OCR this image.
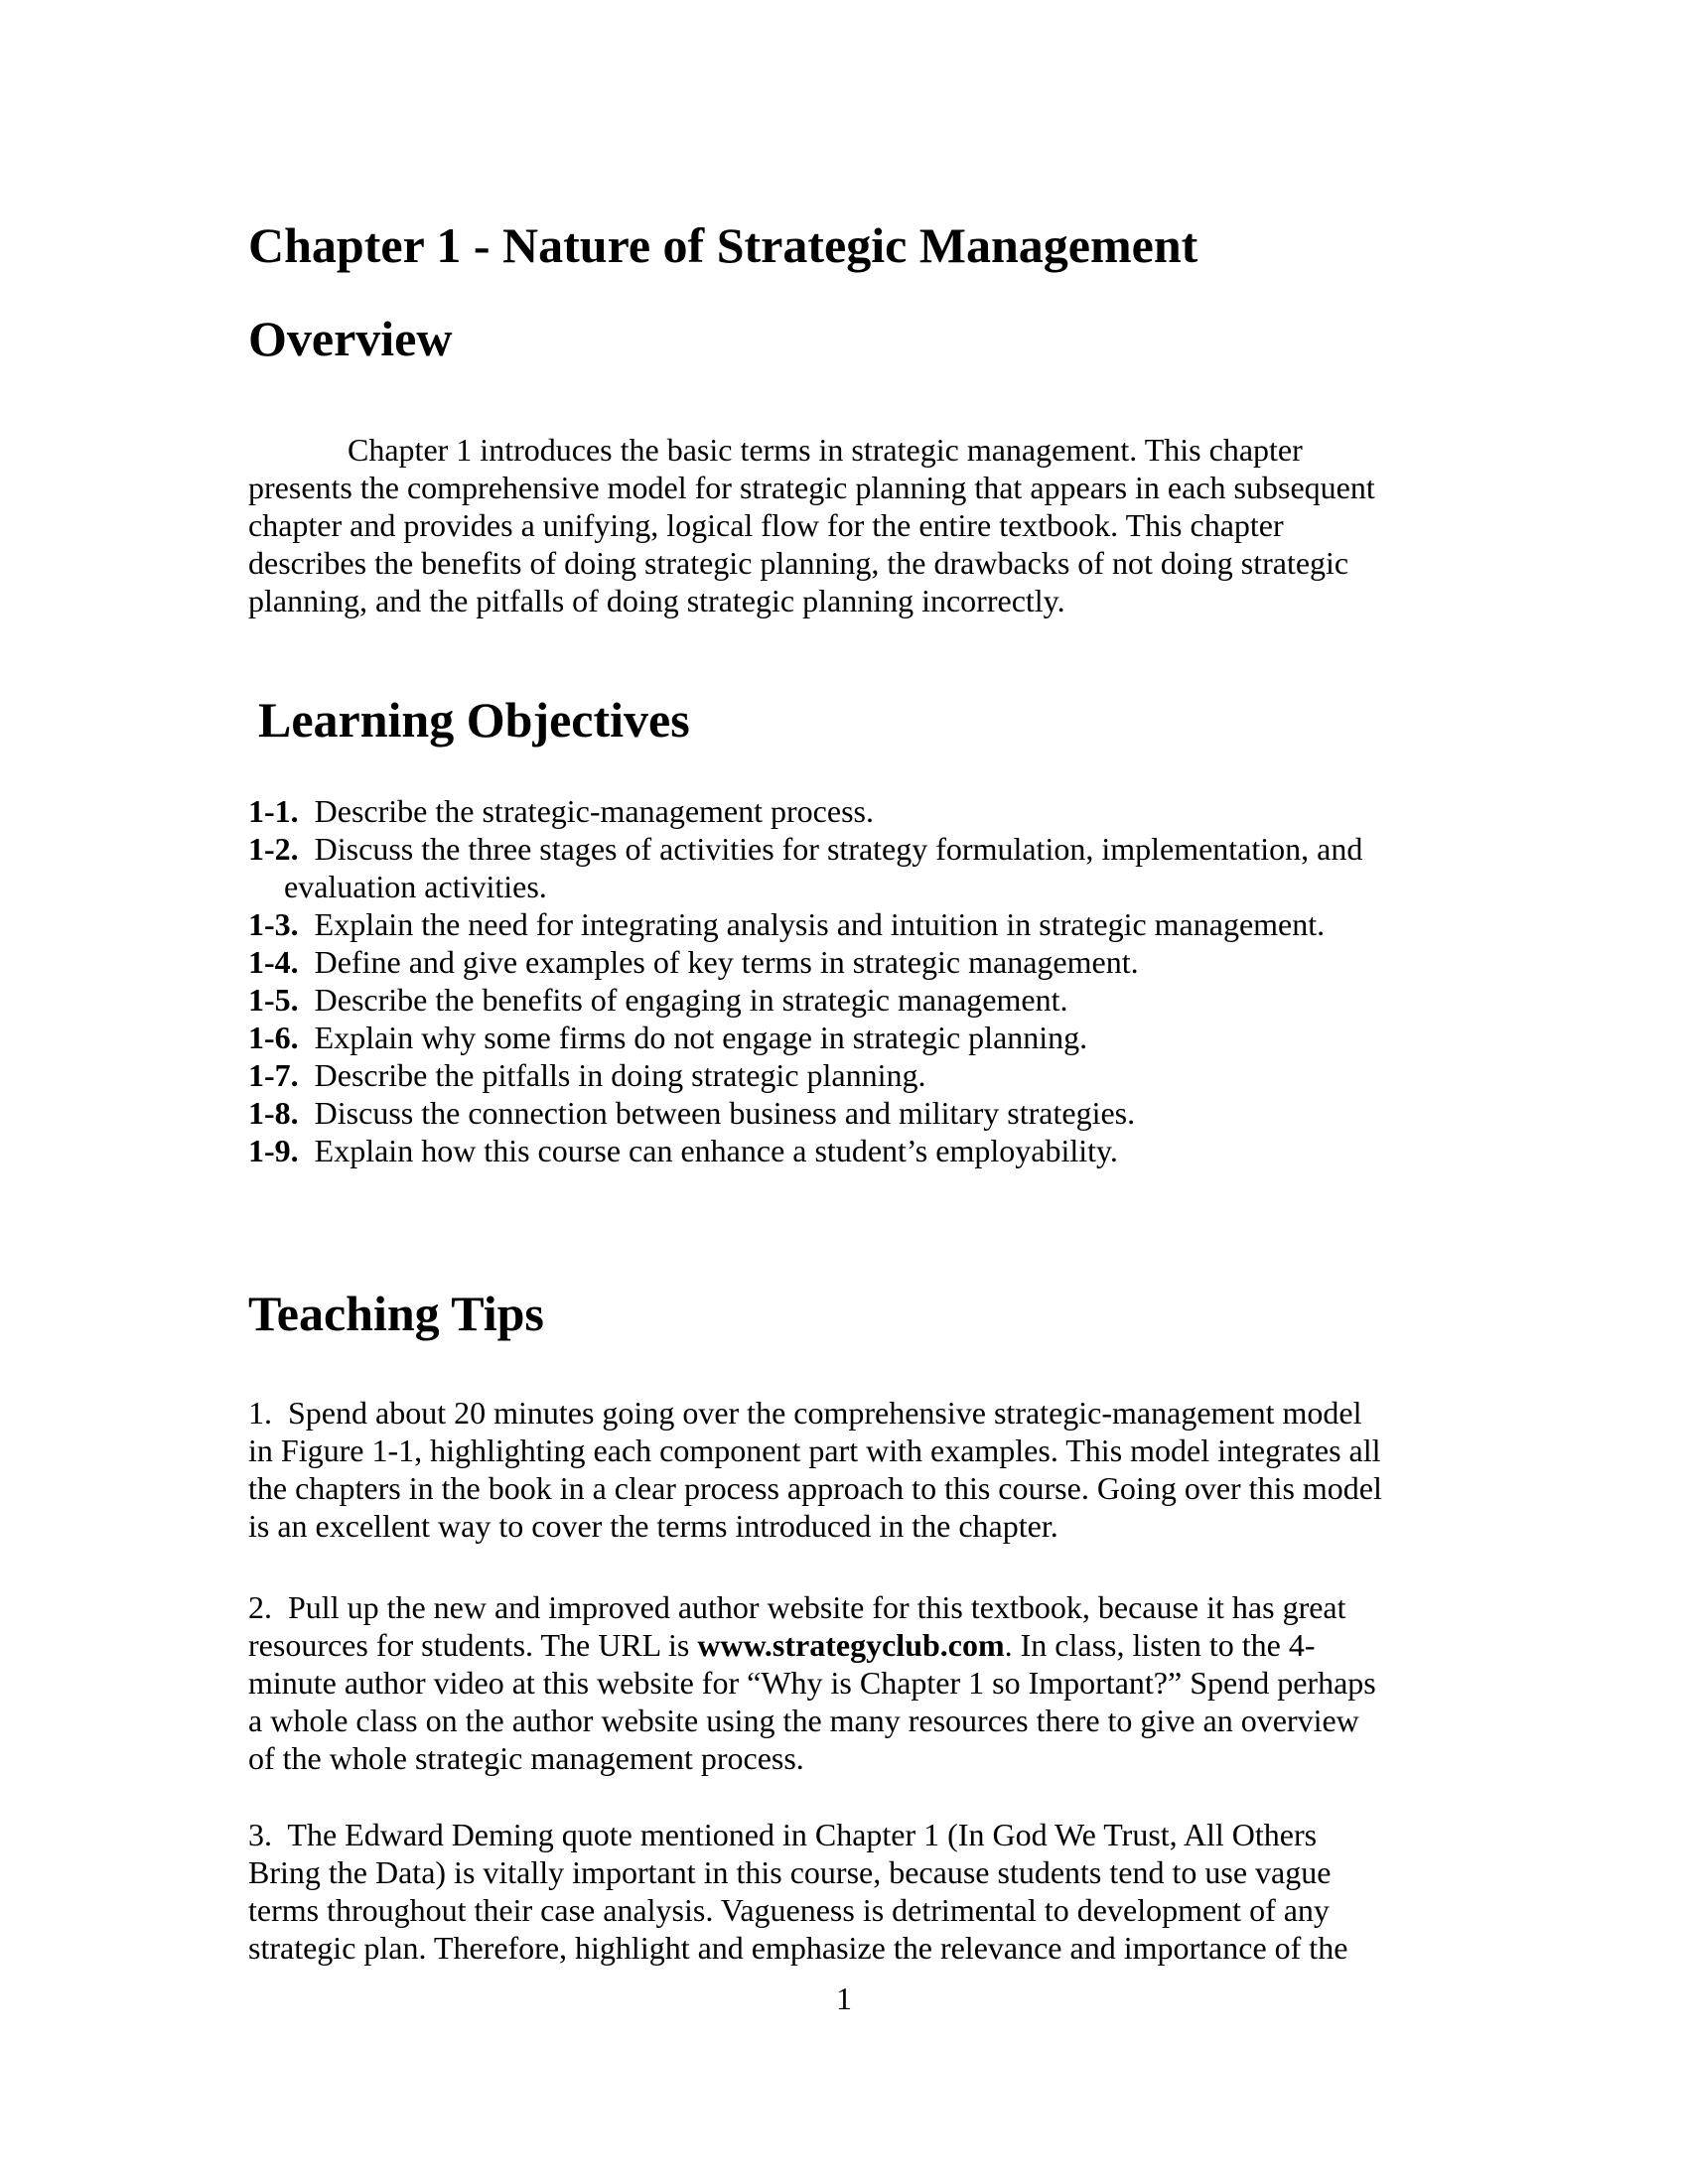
Chapter 1 - Nature of Strategic Management
Overview
Chapter 1 introduces the basic terms in strategic management. This chapter
presents the comprehensive model for strategic planning that appears in each subsequent
chapter and provides a unifying, logical flow for the entire textbook. This chapter
describes the benefits of doing strategic planning, the drawbacks of not doing strategic
planning, and the pitfalls of doing strategic planning incorrectly.
Learning Objectives
1-1.  Describe the strategic-management process.
1-2.  Discuss the three stages of activities for strategy formulation, implementation, and
evaluation activities.
1-3.  Explain the need for integrating analysis and intuition in strategic management.
1-4.  Define and give examples of key terms in strategic management.
1-5.  Describe the benefits of engaging in strategic management.
1-6.  Explain why some firms do not engage in strategic planning.
1-7.  Describe the pitfalls in doing strategic planning.
1-8.  Discuss the connection between business and military strategies.
1-9.  Explain how this course can enhance a student’s employability.
Teaching Tips
1.  Spend about 20 minutes going over the comprehensive strategic-management model
in Figure 1-1, highlighting each component part with examples. This model integrates all
the chapters in the book in a clear process approach to this course. Going over this model
is an excellent way to cover the terms introduced in the chapter.
2.  Pull up the new and improved author website for this textbook, because it has great
resources for students. The URL is www.strategyclub.com. In class, listen to the 4-
minute author video at this website for “Why is Chapter 1 so Important?” Spend perhaps
a whole class on the author website using the many resources there to give an overview
of the whole strategic management process.
3.  The Edward Deming quote mentioned in Chapter 1 (In God We Trust, All Others
Bring the Data) is vitally important in this course, because students tend to use vague
terms throughout their case analysis. Vagueness is detrimental to development of any
strategic plan. Therefore, highlight and emphasize the relevance and importance of the
1
